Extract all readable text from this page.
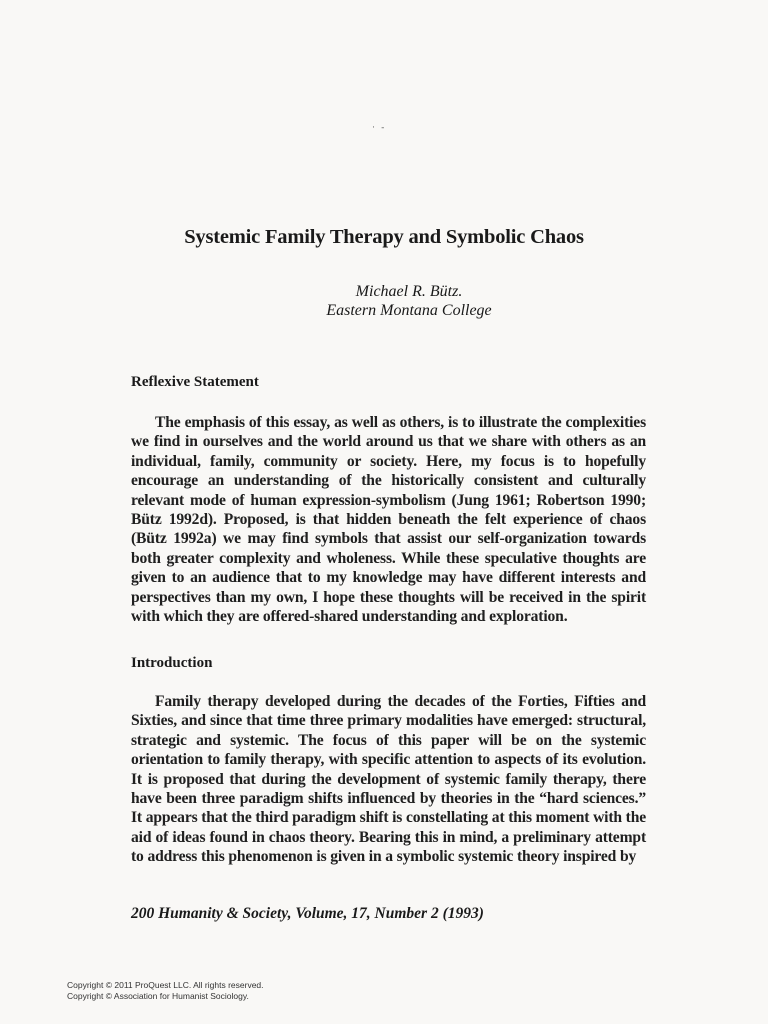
· -
Systemic Family Therapy and Symbolic Chaos
Michael R. Bütz.
Eastern Montana College
Reflexive Statement

The emphasis of this essay, as well as others, is to illustrate the complexities we find in ourselves and the world around us that we share with others as an individual, family, community or society. Here, my focus is to hopefully encourage an understanding of the historically consistent and culturally relevant mode of human expression-symbolism (Jung 1961; Robertson 1990; Bütz 1992d). Proposed, is that hidden beneath the felt experience of chaos (Bütz 1992a) we may find symbols that assist our self-organization towards both greater complexity and wholeness. While these speculative thoughts are given to an audience that to my knowledge may have different interests and perspectives than my own, I hope these thoughts will be received in the spirit with which they are offered-shared understanding and exploration.

Introduction

Family therapy developed during the decades of the Forties, Fifties and Sixties, and since that time three primary modalities have emerged: structural, strategic and systemic. The focus of this paper will be on the systemic orientation to family therapy, with specific attention to aspects of its evolution. It is proposed that during the development of systemic family therapy, there have been three paradigm shifts influenced by theories in the “hard sciences.” It appears that the third paradigm shift is constellating at this moment with the aid of ideas found in chaos theory. Bearing this in mind, a preliminary attempt to address this phenomenon is given in a symbolic systemic theory inspired by

200 Humanity & Society, Volume, 17, Number 2 (1993)
Copyright © 2011 ProQuest LLC. All rights reserved.
Copyright © Association for Humanist Sociology.
